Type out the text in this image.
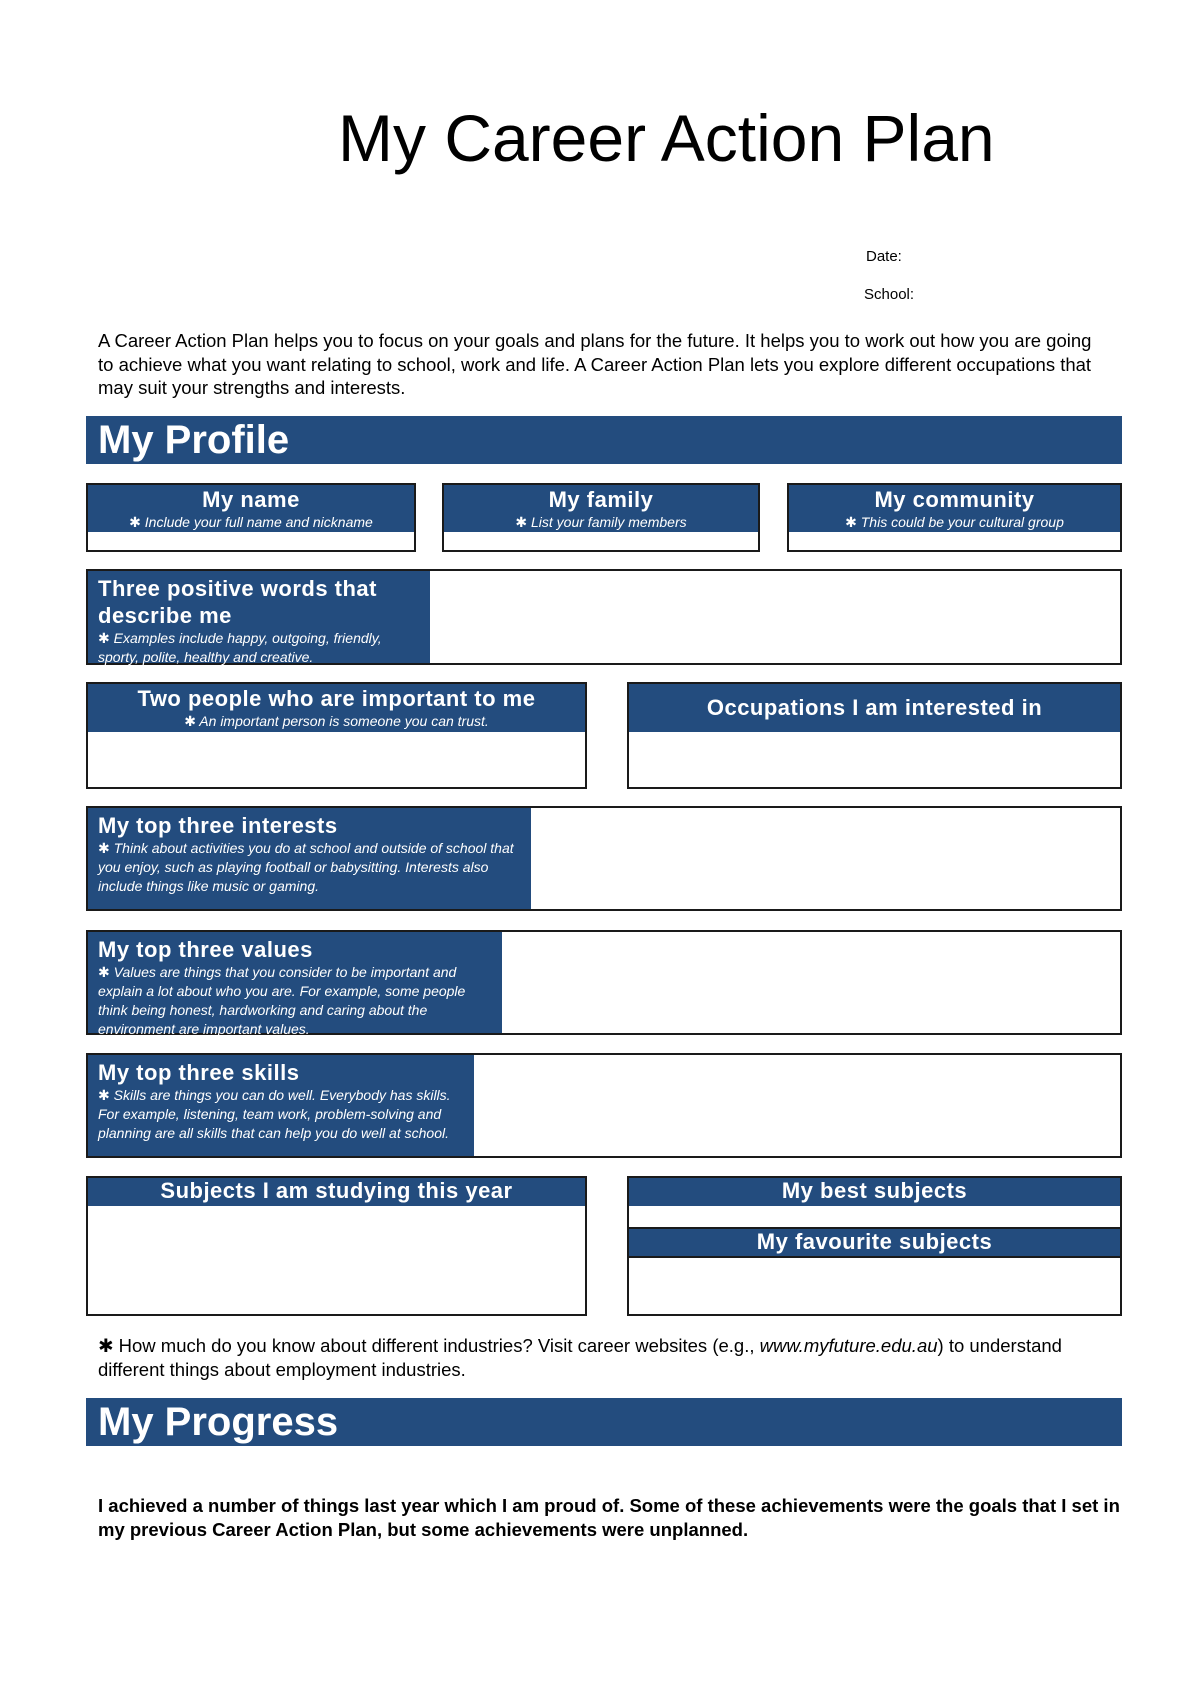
My Career Action Plan
Date:
School:
A Career Action Plan helps you to focus on your goals and plans for the future. It helps you to work out how you are going to achieve what you want relating to school, work and life. A Career Action Plan lets you explore different occupations that may suit your strengths and interests.
My Profile
My name
✱ Include your full name and nickname
My family
✱ List your family members
My community
✱ This could be your cultural group
Three positive words that describe me
✱ Examples include happy, outgoing, friendly, sporty, polite, healthy and creative.
Two people who are important to me
✱ An important person is someone you can trust.
Occupations I am interested in
My top three interests
✱ Think about activities you do at school and outside of school that you enjoy, such as playing football or babysitting. Interests also include things like music or gaming.
My top three values
✱ Values are things that you consider to be important and explain a lot about who you are. For example, some people think being honest, hardworking and caring about the environment are important values.
My top three skills
✱ Skills are things you can do well. Everybody has skills. For example, listening, team work, problem-solving and planning are all skills that can help you do well at school.
Subjects I am studying this year	My best subjects
My favourite subjects
✱ How much do you know about different industries? Visit career websites (e.g., www.myfuture.edu.au) to understand different things about employment industries.
My Progress
I achieved a number of things last year which I am proud of. Some of these achievements were the goals that I set in my previous Career Action Plan, but some achievements were unplanned.
